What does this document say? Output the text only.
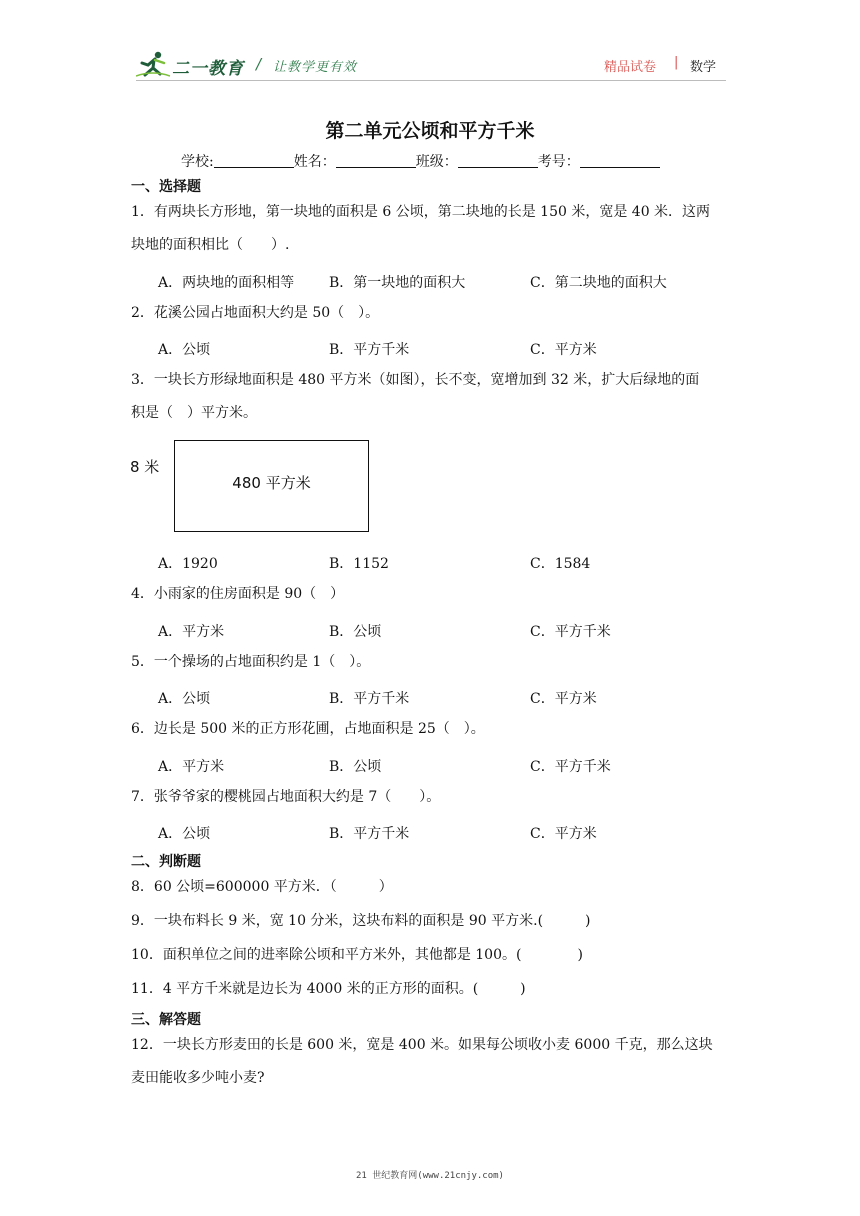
二一教育 / 让教学更有效	精品试卷 | 数学
第二单元公顷和平方千米
学校:	姓名：	班级：	考号：
一、选择题
1．有两块长方形地，第一块地的面积是 6 公顷，第二块地的长是 150 米，宽是 40 米．这两
块地的面积相比（　　）.
A．两块地的面积相等 B．第一块地的面积大	C．第二块地的面积大
2．花溪公园占地面积大约是 50（　）。
A．公顷	B．平方千米	C．平方米
3．一块长方形绿地面积是 480 平方米（如图），长不变，宽增加到 32 米，扩大后绿地的面
积是（　）平方米。
8 米
480 平方米
A．1920	B．1152	C．1584
4．小雨家的住房面积是 90（　）
A．平方米	B．公顷	C．平方千米
5．一个操场的占地面积约是 1（　）。
A．公顷	B．平方千米	C．平方米
6．边长是 500 米的正方形花圃，占地面积是 25（　）。
A．平方米	B．公顷	C．平方千米
7．张爷爷家的樱桃园占地面积大约是 7（　　）。
A．公顷	B．平方千米	C．平方米
二、判断题
8．60 公顷=600000 平方米．（　　　）
9．一块布料长 9 米，宽 10 分米，这块布料的面积是 90 平方米.(　　　)
10．面积单位之间的进率除公顷和平方米外，其他都是 100。(　　　　)
11．4 平方千米就是边长为 4000 米的正方形的面积。(　　　)
三、解答题
12．一块长方形麦田的长是 600 米，宽是 400 米。如果每公顷收小麦 6000 千克，那么这块
麦田能收多少吨小麦?
21 世纪教育网(www.21cnjy.com)
